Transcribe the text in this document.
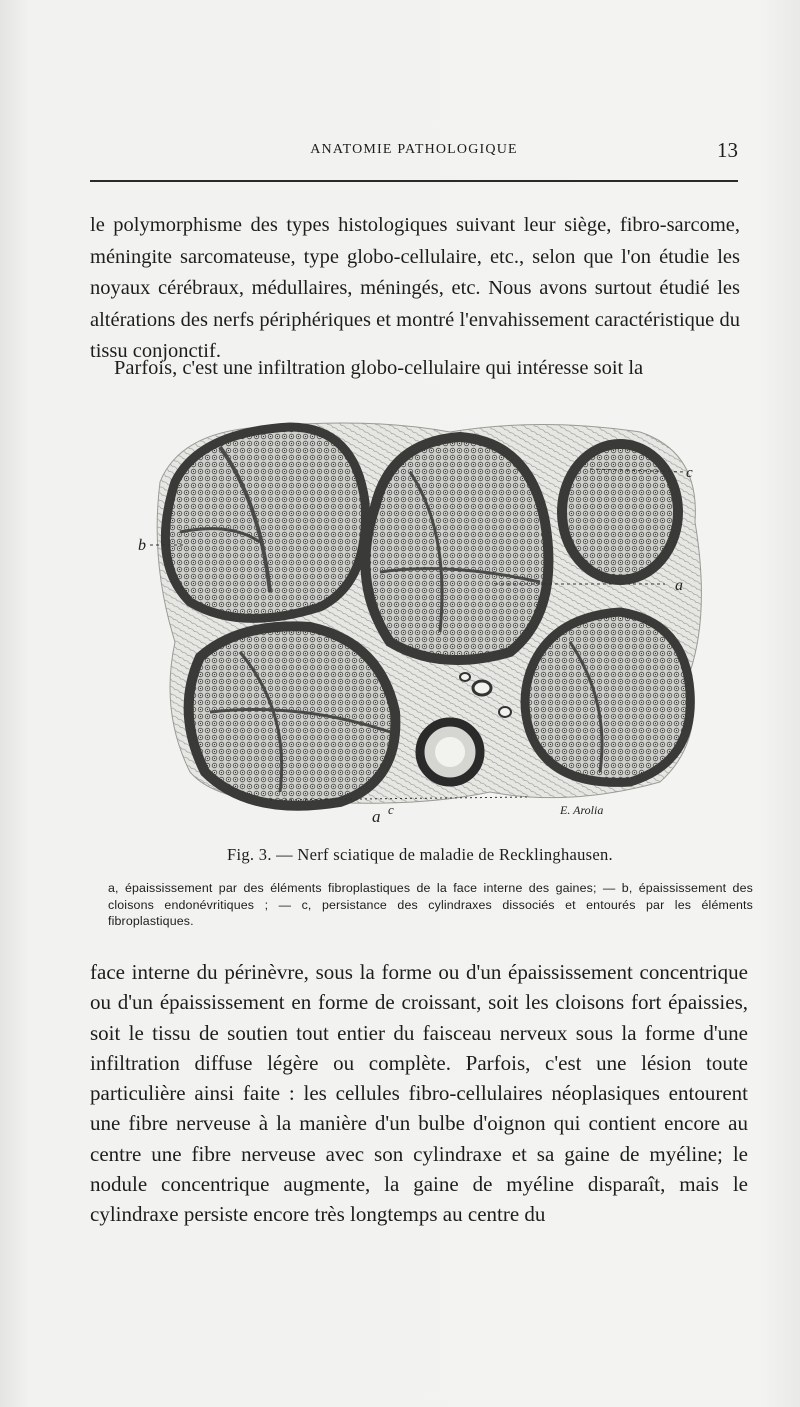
ANATOMIE PATHOLOGIQUE	13

le polymorphisme des types histologiques suivant leur siège, fibro-sarcome, méningite sarcomateuse, type globo-cellulaire, etc., selon que l'on étudie les noyaux cérébraux, médullaires, méningés, etc. Nous avons surtout étudié les altérations des nerfs périphériques et montré l'envahissement caractéristique du tissu conjonctif.

Parfois, c'est une infiltration globo-cellulaire qui intéresse soit la

b
a
c
a c	E. Arolia
Fig. 3. — Nerf sciatique de maladie de Recklinghausen.

a, épaississement par des éléments fibroplastiques de la face interne des gaines; — b, épaississement des cloisons endonévritiques ; — c, persistance des cylindraxes dissociés et entourés par les éléments fibroplastiques.

face interne du périnèvre, sous la forme ou d'un épaississement concentrique ou d'un épaississement en forme de croissant, soit les cloisons fort épaissies, soit le tissu de soutien tout entier du faisceau nerveux sous la forme d'une infiltration diffuse légère ou complète. Parfois, c'est une lésion toute particulière ainsi faite : les cellules fibro-cellulaires néoplasiques entourent une fibre nerveuse à la manière d'un bulbe d'oignon qui contient encore au centre une fibre nerveuse avec son cylindraxe et sa gaine de myéline; le nodule concentrique augmente, la gaine de myéline disparaît, mais le cylindraxe persiste encore très longtemps au centre du
